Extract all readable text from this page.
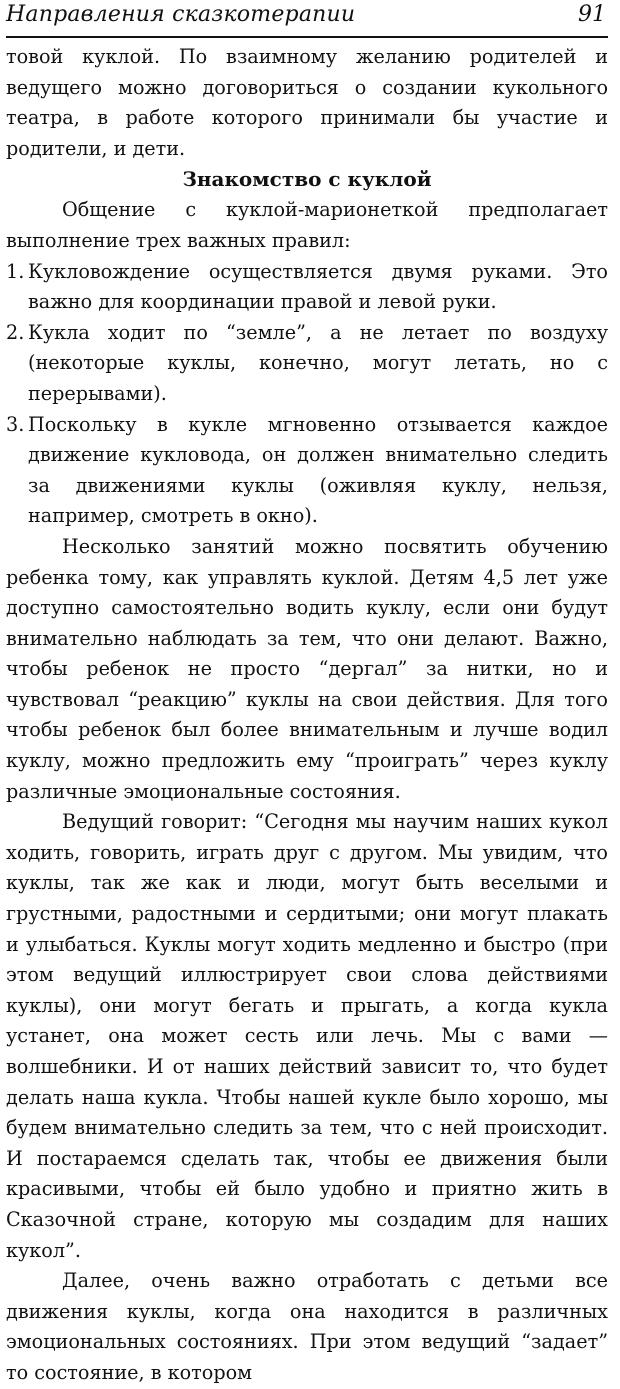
Направления сказкотерапии	91

товой куклой. По взаимному желанию родителей и ведущего можно договориться о создании кукольного театра, в работе которого принимали бы участие и родители, и дети.

Знакомство с куклой

Общение с куклой-марионеткой предполагает выполнение трех важных правил:

1. Кукловождение осуществляется двумя руками. Это важно для координации правой и левой руки.
2. Кукла ходит по “земле”, а не летает по воздуху (некоторые куклы, конечно, могут летать, но с перерывами).
3. Поскольку в кукле мгновенно отзывается каждое движение кукловода, он должен внимательно следить за движениями куклы (оживляя куклу, нельзя, например, смотреть в окно).

Несколько занятий можно посвятить обучению ребенка тому, как управлять куклой. Детям 4,5 лет уже доступно самостоятельно водить куклу, если они будут внимательно наблюдать за тем, что они делают. Важно, чтобы ребенок не просто “дергал” за нитки, но и чувствовал “реакцию” куклы на свои действия. Для того чтобы ребенок был более внимательным и лучше водил куклу, можно предложить ему “проиграть” через куклу различные эмоциональные состояния.

Ведущий говорит: “Сегодня мы научим наших кукол ходить, говорить, играть друг с другом. Мы увидим, что куклы, так же как и люди, могут быть веселыми и грустными, радостными и сердитыми; они могут плакать и улыбаться. Куклы могут ходить медленно и быстро (при этом ведущий иллюстрирует свои слова действиями куклы), они могут бегать и прыгать, а когда кукла устанет, она может сесть или лечь. Мы с вами — волшебники. И от наших действий зависит то, что будет делать наша кукла. Чтобы нашей кукле было хорошо, мы будем внимательно следить за тем, что с ней происходит. И постараемся сделать так, чтобы ее движения были красивыми, чтобы ей было удобно и приятно жить в Сказочной стране, которую мы создадим для наших кукол”.

Далее, очень важно отработать с детьми все движения куклы, когда она находится в различных эмоциональных состояниях. При этом ведущий “задает” то состояние, в котором
